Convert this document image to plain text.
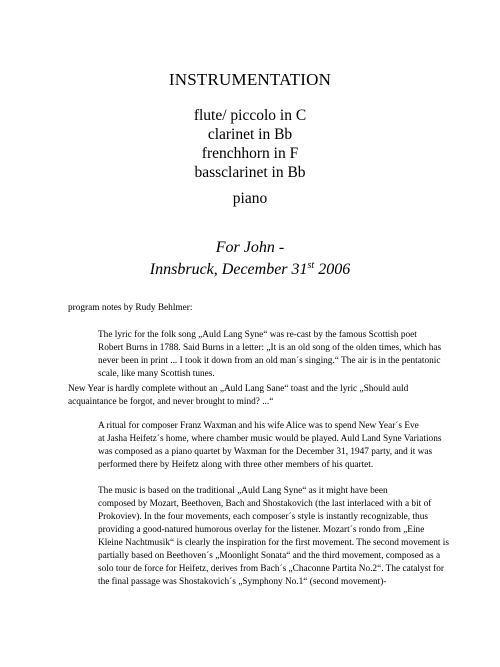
INSTRUMENTATION
flute/ piccolo in C
clarinet in Bb
frenchhorn in F
bassclarinet in Bb
piano
For John -
Innsbruck, December 31st 2006
program notes by Rudy Behlmer:
The lyric for the folk song „Auld Lang Syne“ was re-cast by the famous Scottish poet
Robert Burns in 1788. Said Burns in a letter: „It is an old song of the olden times, which has
never been in print ... I took it down from an old man´s singing.“ The air is in the pentatonic
scale, like many Scottish tunes.
New Year is hardly complete without an „Auld Lang Sane“ toast and the lyric „Should auld
acquaintance be forgot, and never brought to mind? ...“
A ritual for composer Franz Waxman and his wife Alice was to spend New Year´s Eve
at Jasha Heifetz´s home, where chamber music would be played. Auld Land Syne Variations
was composed as a piano quartet by Waxman for the December 31, 1947 party, and it was
performed there by Heifetz along with three other members of his quartet.
The music is based on the traditional „Auld Lang Syne“ as it might have been
composed by Mozart, Beethoven, Bach and Shostakovich (the last interlaced with a bit of
Prokoviev). In the four movements, each composer´s style is instantly recognizable, thus
providing a good-natured humorous overlay for the listener. Mozart´s rondo from „Eine
Kleine Nachtmusik“ is clearly the inspiration for the first movement. The second movement is
partially based on Beethoven´s „Moonlight Sonata“ and the third movement, composed as a
solo tour de force for Heifetz, derives from Bach´s „Chaconne Partita No.2“. The catalyst for
the final passage was Shostakovich´s „Symphony No.1“ (second movement)-
